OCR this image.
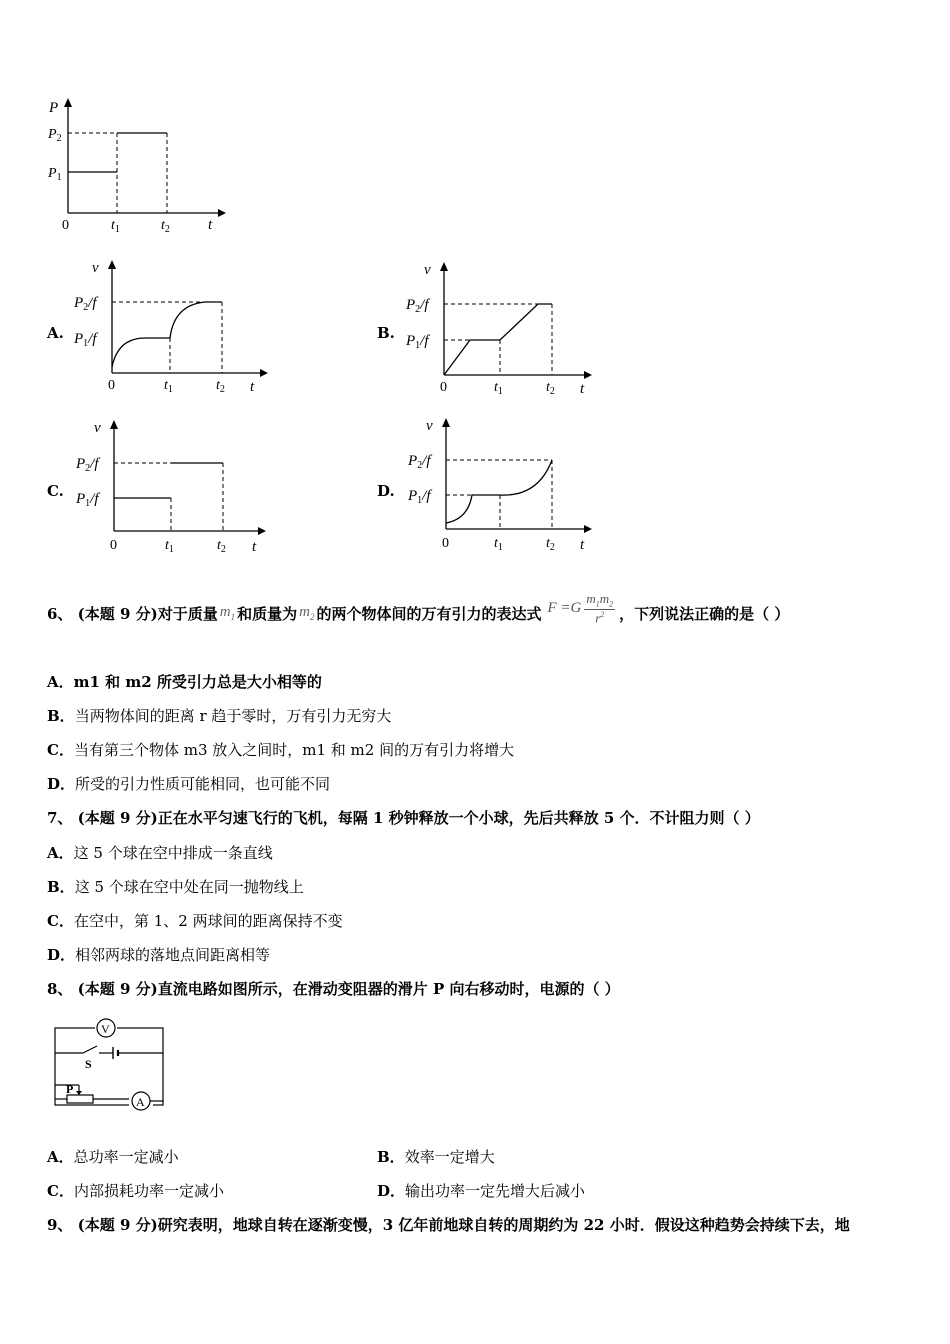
P
$P_2$
$P_1$
0	$t_1$	$t_2$	t
A.
v
$P_2/f$
$P_1/f$
0	$t_1$	$t_2$ t
B.
v
$P_2/f$
$P_1/f$
0	$t_1$	$t_2$ t
C.
v
$P_2/f$
$P_1/f$
0	$t_1$	$t_2$ t
D.
v
$P_2/f$
$P_1/f$
0	$t_1$	$t_2$ t
6、
(本题 9 分) 对于质量 $m_1$ 和质量为 $m_2$ 的两个物体间的万有引力的表达式 $F =G \frac{m_1m_2}{r^2}$ ，下列说法正确的是（ ）
A．m1 和 m2 所受引力总是大小相等的
B．当两物体间的距离 r 趋于零时，万有引力无穷大
C．当有第三个物体 m3 放入之间时，m1 和 m2 间的万有引力将增大
D．所受的引力性质可能相同，也可能不同
7、 (本题 9 分)正在水平匀速飞行的飞机，每隔 1 秒钟释放一个小球，先后共释放 5 个．不计阻力则（ ）
A．这 5 个球在空中排成一条直线
B．这 5 个球在空中处在同一抛物线上
C．在空中，第 1、2 两球间的距离保持不变
D．相邻两球的落地点间距离相等
8、 (本题 9 分)直流电路如图所示，在滑动变阻器的滑片 P 向右移动时，电源的（ ）
V
S
P
A
A．总功率一定减小	B．效率一定增大
C．内部损耗功率一定减小	D．输出功率一定先增大后减小
9、 (本题 9 分)研究表明，地球自转在逐渐变慢，3 亿年前地球自转的周期约为 22 小时．假设这种趋势会持续下去，地
